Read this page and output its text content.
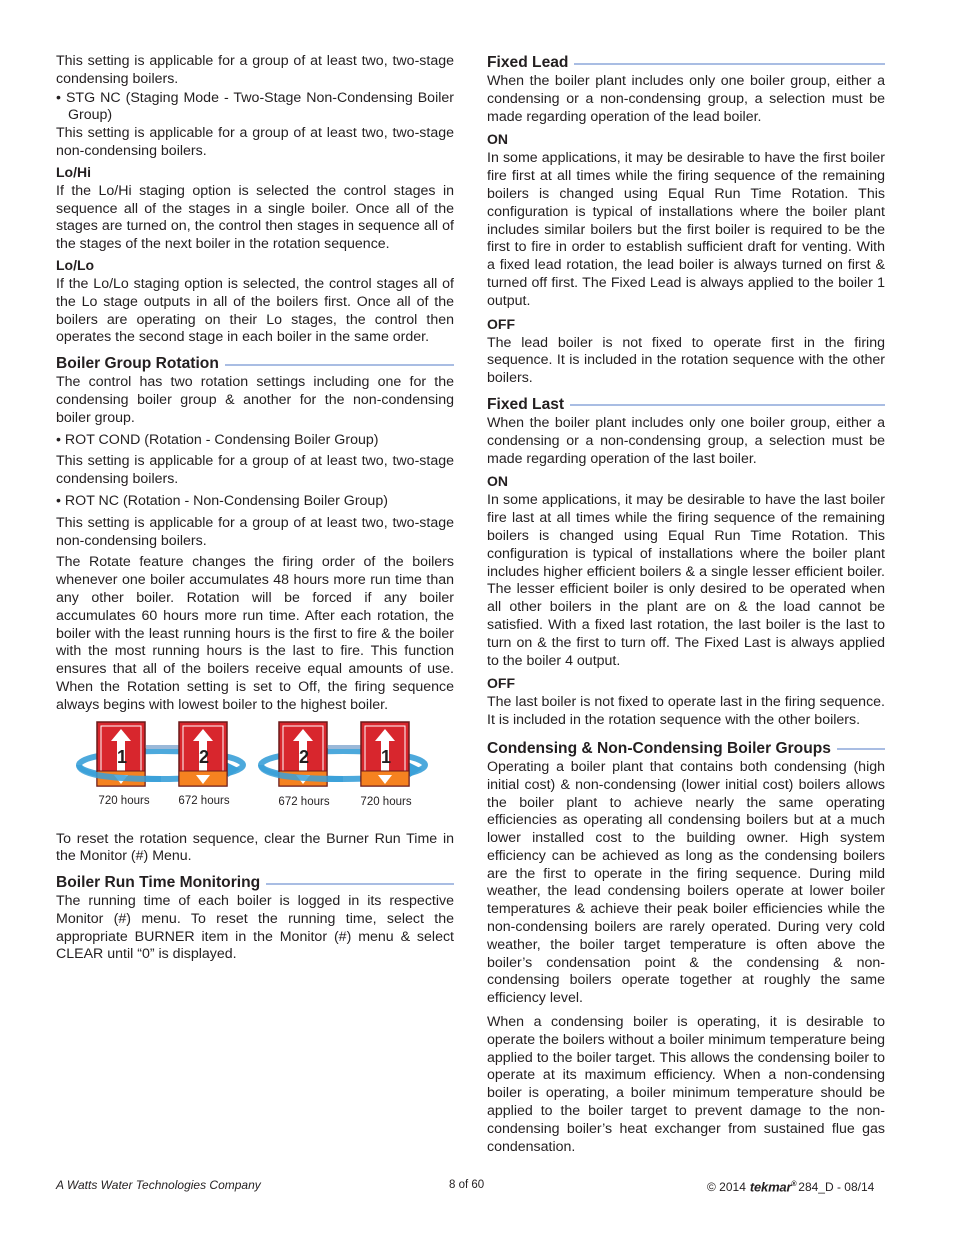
This setting is applicable for a group of at least two, two-stage condensing boilers.

• STG NC (Staging Mode - Two-Stage Non-Condensing Boiler Group)

This setting is applicable for a group of at least two, two-stage non-condensing boilers.

Lo/Hi

If the Lo/Hi staging option is selected the control stages in sequence all of the stages in a single boiler. Once all of the stages are turned on, the control then stages in sequence all of the stages of the next boiler in the rotation sequence.

Lo/Lo

If the Lo/Lo staging option is selected, the control stages all of the Lo stage outputs in all of the boilers first. Once all of the boilers are operating on their Lo stages, the control then operates the second stage in each boiler in the same order.

Boiler Group Rotation

The control has two rotation settings including one for the condensing boiler group & another for the non-condensing boiler group.

• ROT COND (Rotation - Condensing Boiler Group)

This setting is applicable for a group of at least two, two-stage condensing boilers.

• ROT NC (Rotation - Non-Condensing Boiler Group)

This setting is applicable for a group of at least two, two-stage non-condensing boilers.

The Rotate feature changes the firing order of the boilers whenever one boiler accumulates 48 hours more run time than any other boiler. Rotation will be forced if any boiler accumulates 60 hours more run time. After each rotation, the boiler with the least running hours is the first to fire & the boiler with the most running hours is the last to fire. This function ensures that all of the boilers receive equal amounts of use. When the Rotation setting is set to Off, the firing sequence always begins with lowest boiler to the highest boiler.

1	2	2	1
720 hours	672 hours	672 hours	720 hours

To reset the rotation sequence, clear the Burner Run Time in the Monitor (#) Menu.

Boiler Run Time Monitoring

The running time of each boiler is logged in its respective Monitor (#) menu. To reset the running time, select the appropriate BURNER item in the Monitor (#) menu & select CLEAR until “0” is displayed.

Fixed Lead

When the boiler plant includes only one boiler group, either a condensing or a non-condensing group, a selection must be made regarding operation of the lead boiler.

ON

In some applications, it may be desirable to have the first boiler fire first at all times while the firing sequence of the remaining boilers is changed using Equal Run Time Rotation. This configuration is typical of installations where the boiler plant includes similar boilers but the first boiler is required to be the first to fire in order to establish sufficient draft for venting. With a fixed lead rotation, the lead boiler is always turned on first & turned off first. The Fixed Lead is always applied to the boiler 1 output.

OFF

The lead boiler is not fixed to operate first in the firing sequence. It is included in the rotation sequence with the other boilers.

Fixed Last

When the boiler plant includes only one boiler group, either a condensing or a non-condensing group, a selection must be made regarding operation of the last boiler.

ON

In some applications, it may be desirable to have the last boiler fire last at all times while the firing sequence of the remaining boilers is changed using Equal Run Time Rotation. This configuration is typical of installations where the boiler plant includes higher efficient boilers & a single lesser efficient boiler. The lesser efficient boiler is only desired to be operated when all other boilers in the plant are on & the load cannot be satisfied. With a fixed last rotation, the last boiler is the last to turn on & the first to turn off. The Fixed Last is always applied to the boiler 4 output.

OFF

The last boiler is not fixed to operate last in the firing sequence. It is included in the rotation sequence with the other boilers.

Condensing & Non-Condensing Boiler Groups

Operating a boiler plant that contains both condensing (high initial cost) & non-condensing (lower initial cost) boilers allows the boiler plant to achieve nearly the same operating efficiencies as operating all condensing boilers but at a much lower installed cost to the building owner. High system efficiency can be achieved as long as the condensing boilers are the first to operate in the firing sequence. During mild weather, the lead condensing boilers operate at lower boiler temperatures & achieve their peak boiler efficiencies while the non-condensing boilers are rarely operated. During very cold weather, the boiler target temperature is often above the boiler’s condensation point & the condensing & non-condensing boilers operate together at roughly the same efficiency level.

When a condensing boiler is operating, it is desirable to operate the boilers without a boiler minimum temperature being applied to the boiler target. This allows the condensing boiler to operate at its maximum efficiency. When a non-condensing boiler is operating, a boiler minimum temperature should be applied to the boiler target to prevent damage to the non-condensing boiler’s heat exchanger from sustained flue gas condensation.

A Watts Water Technologies Company	8 of 60	© 2014 tekmar® 284_D - 08/14
